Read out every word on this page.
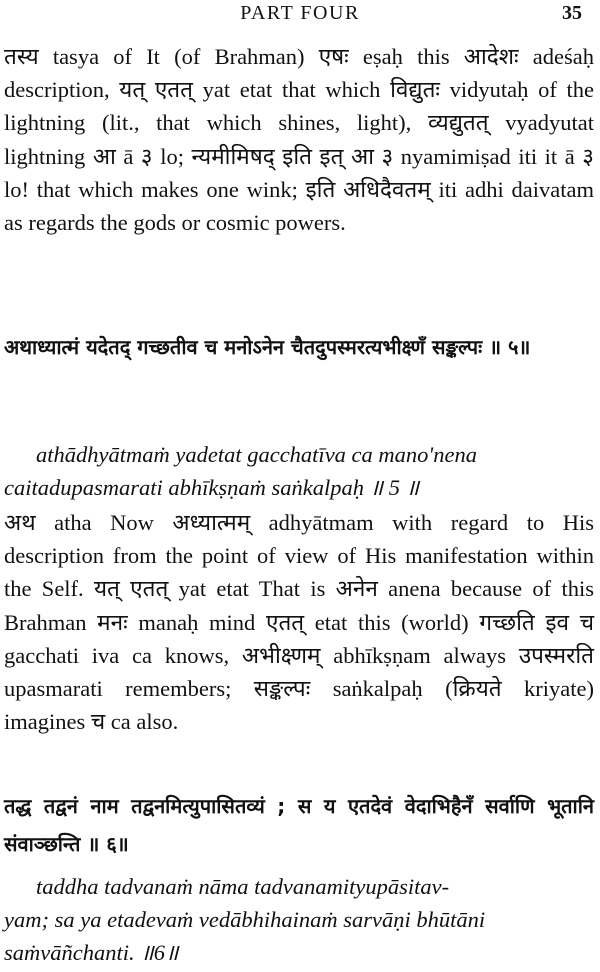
PART FOUR	35
तस्य tasya of It (of Brahman) एषः eṣaḥ this आदेशः adeśaḥ description, यत् एतत् yat etat that which विद्युतः vidyutaḥ of the lightning (lit., that which shines, light), व्यद्युतत् vyadyutat lightning आ ā ३ lo; न्यमीमिषद् इति इत् आ ३ nyamimiṣad iti it ā ३ lo! that which makes one wink; इति अधिदैवतम् iti adhi daivatam as regards the gods or cosmic powers.
अथाध्यात्मं यदेतद् गच्छतीव च मनोऽनेन चैतदुपस्मरत्यभीक्ष्णँ सङ्कल्पः ॥ ५॥

athādhyātmaṁ yadetat gacchatīva ca mano'nena

caitadupasmarati abhīkṣṇaṁ saṅkalpaḥ ॥ 5 ॥

अथ atha Now अध्यात्मम् adhyātmam with regard to His description from the point of view of His manifestation within the Self. यत् एतत् yat etat That is अनेन anena because of this Brahman मनः manaḥ mind एतत् etat this (world) गच्छति इव च gacchati iva ca knows, अभीक्ष्णम् abhīkṣṇam always उपस्मरति upasmarati remembers; सङ्कल्पः saṅkalpaḥ (क्रियते kriyate) imagines च ca also.
तद्ध तद्वनं नाम तद्वनमित्युपासितव्यं ; स य एतदेवं वेदाभिहैनँ सर्वाणि भूतानि संवाञ्छन्ति ॥ ६॥

taddha tadvanaṁ nāma tadvanamityupāsitav-

yam; sa ya etadevaṁ vedābhihainaṁ sarvāṇi bhūtāni

saṁvāñchanti. ॥6॥
